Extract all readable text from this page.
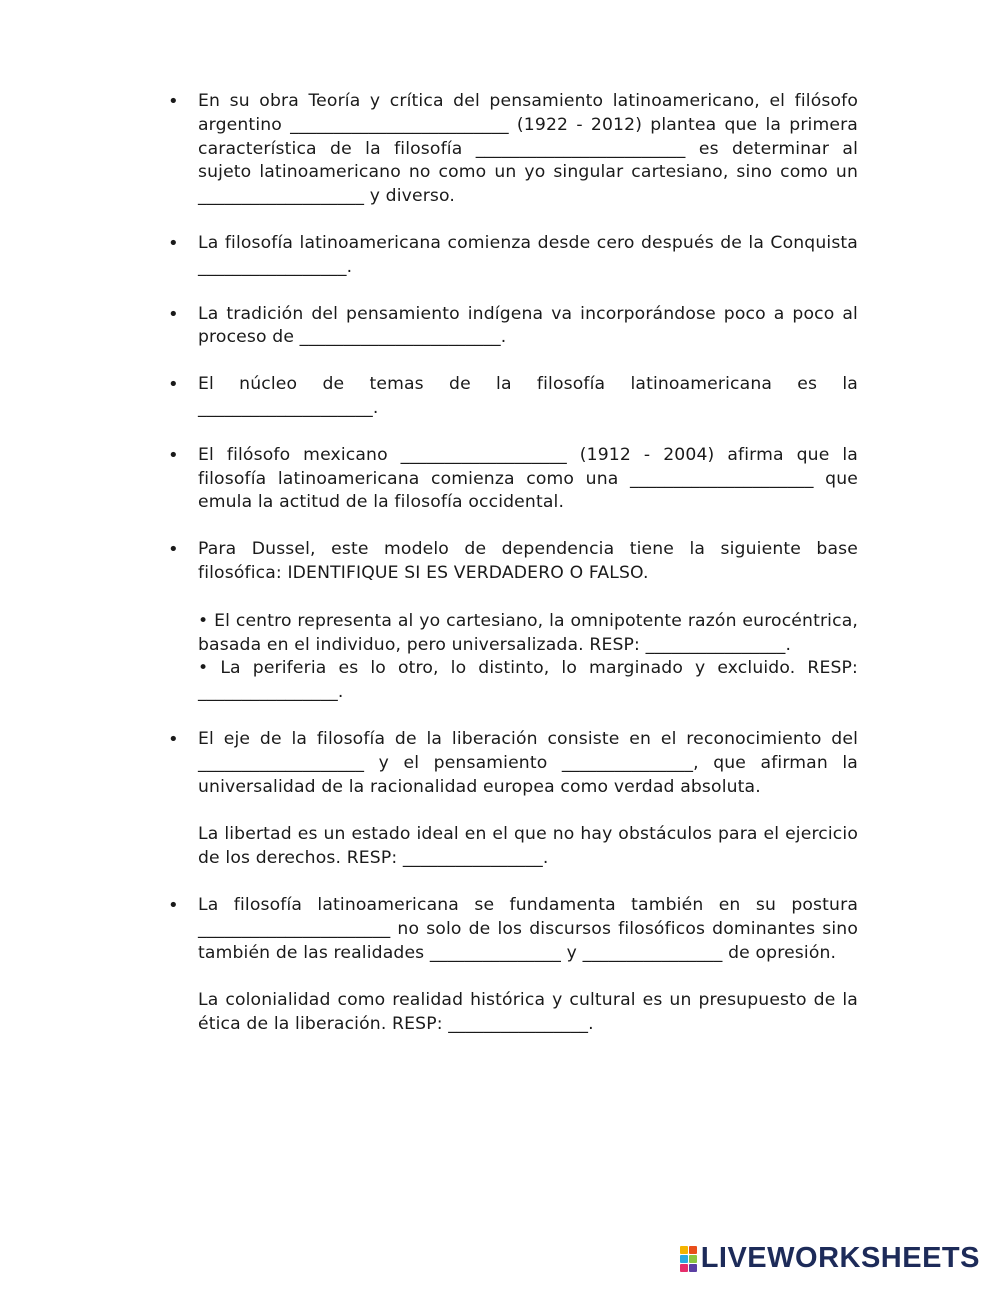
• En su obra Teoría y crítica del pensamiento latinoamericano, el filósofo argentino _________________________ (1922 - 2012) plantea que la primera característica de la filosofía ________________________ es determinar al sujeto latinoamericano no como un yo singular cartesiano, sino como un ___________________ y diverso.

• La filosofía latinoamericana comienza desde cero después de la Conquista _________________.

• La tradición del pensamiento indígena va incorporándose poco a poco al proceso de _______________________.

• El núcleo de temas de la filosofía latinoamericana es la ____________________.

• El filósofo mexicano ___________________ (1912 - 2004) afirma que la filosofía latinoamericana comienza como una _____________________ que emula la actitud de la filosofía occidental.

• Para Dussel, este modelo de dependencia tiene la siguiente base filosófica: IDENTIFIQUE SI ES VERDADERO O FALSO.

• El centro representa al yo cartesiano, la omnipotente razón eurocéntrica, basada en el individuo, pero universalizada. RESP: ________________.

• La periferia es lo otro, lo distinto, lo marginado y excluido. RESP: ________________.

• El eje de la filosofía de la liberación consiste en el reconocimiento del ___________________ y el pensamiento _______________, que afirman la universalidad de la racionalidad europea como verdad absoluta.

La libertad es un estado ideal en el que no hay obstáculos para el ejercicio de los derechos. RESP: ________________.

• La filosofía latinoamericana se fundamenta también en su postura ______________________ no solo de los discursos filosóficos dominantes sino también de las realidades _______________ y ________________ de opresión.

La colonialidad como realidad histórica y cultural es un presupuesto de la ética de la liberación. RESP: ________________.

LIVEWORKSHEETS
